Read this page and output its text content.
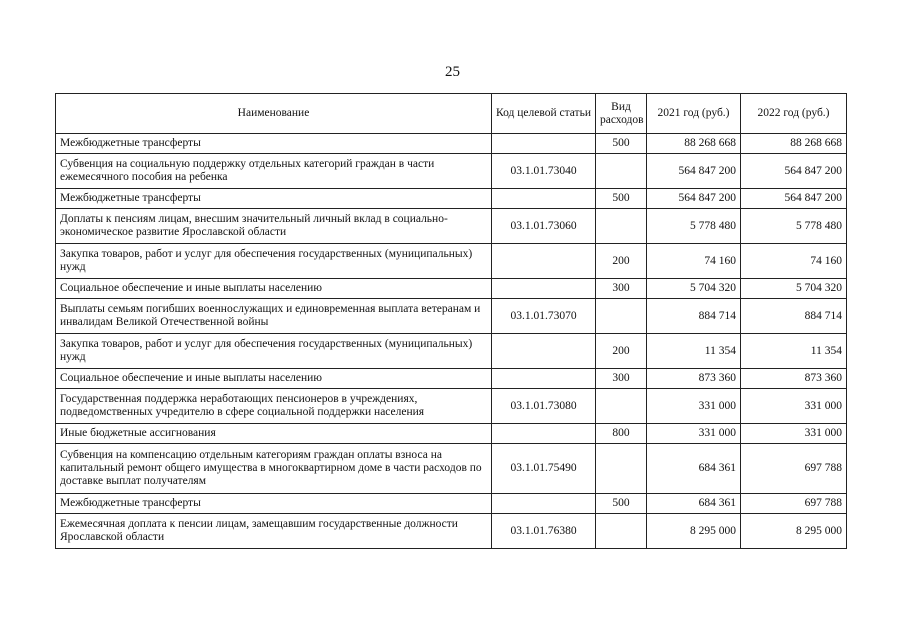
25
Наименование	Код целевой статьи	Вид расходов	2021 год (руб.)	2022 год (руб.)
Межбюджетные трансферты		500	88 268 668	88 268 668
Субвенция на социальную поддержку отдельных категорий граждан в части ежемесячного пособия на ребенка	03.1.01.73040		564 847 200	564 847 200
Межбюджетные трансферты		500	564 847 200	564 847 200
Доплаты к пенсиям лицам, внесшим значительный личный вклад в социально-экономическое развитие Ярославской области	03.1.01.73060		5 778 480	5 778 480
Закупка товаров, работ и услуг для обеспечения государственных (муниципальных) нужд		200	74 160	74 160
Социальное обеспечение и иные выплаты населению		300	5 704 320	5 704 320
Выплаты семьям погибших военнослужащих и единовременная выплата ветеранам и инвалидам Великой Отечественной войны	03.1.01.73070		884 714	884 714
Закупка товаров, работ и услуг для обеспечения государственных (муниципальных) нужд		200	11 354	11 354
Социальное обеспечение и иные выплаты населению		300	873 360	873 360
Государственная поддержка неработающих пенсионеров в учреждениях, подведомственных учредителю в сфере социальной поддержки населения	03.1.01.73080		331 000	331 000
Иные бюджетные ассигнования		800	331 000	331 000
Субвенция на компенсацию отдельным категориям граждан оплаты взноса на капитальный ремонт общего имущества в многоквартирном доме в части расходов по доставке выплат получателям	03.1.01.75490		684 361	697 788
Межбюджетные трансферты		500	684 361	697 788
Ежемесячная доплата к пенсии лицам, замещавшим государственные должности Ярославской области	03.1.01.76380		8 295 000	8 295 000
